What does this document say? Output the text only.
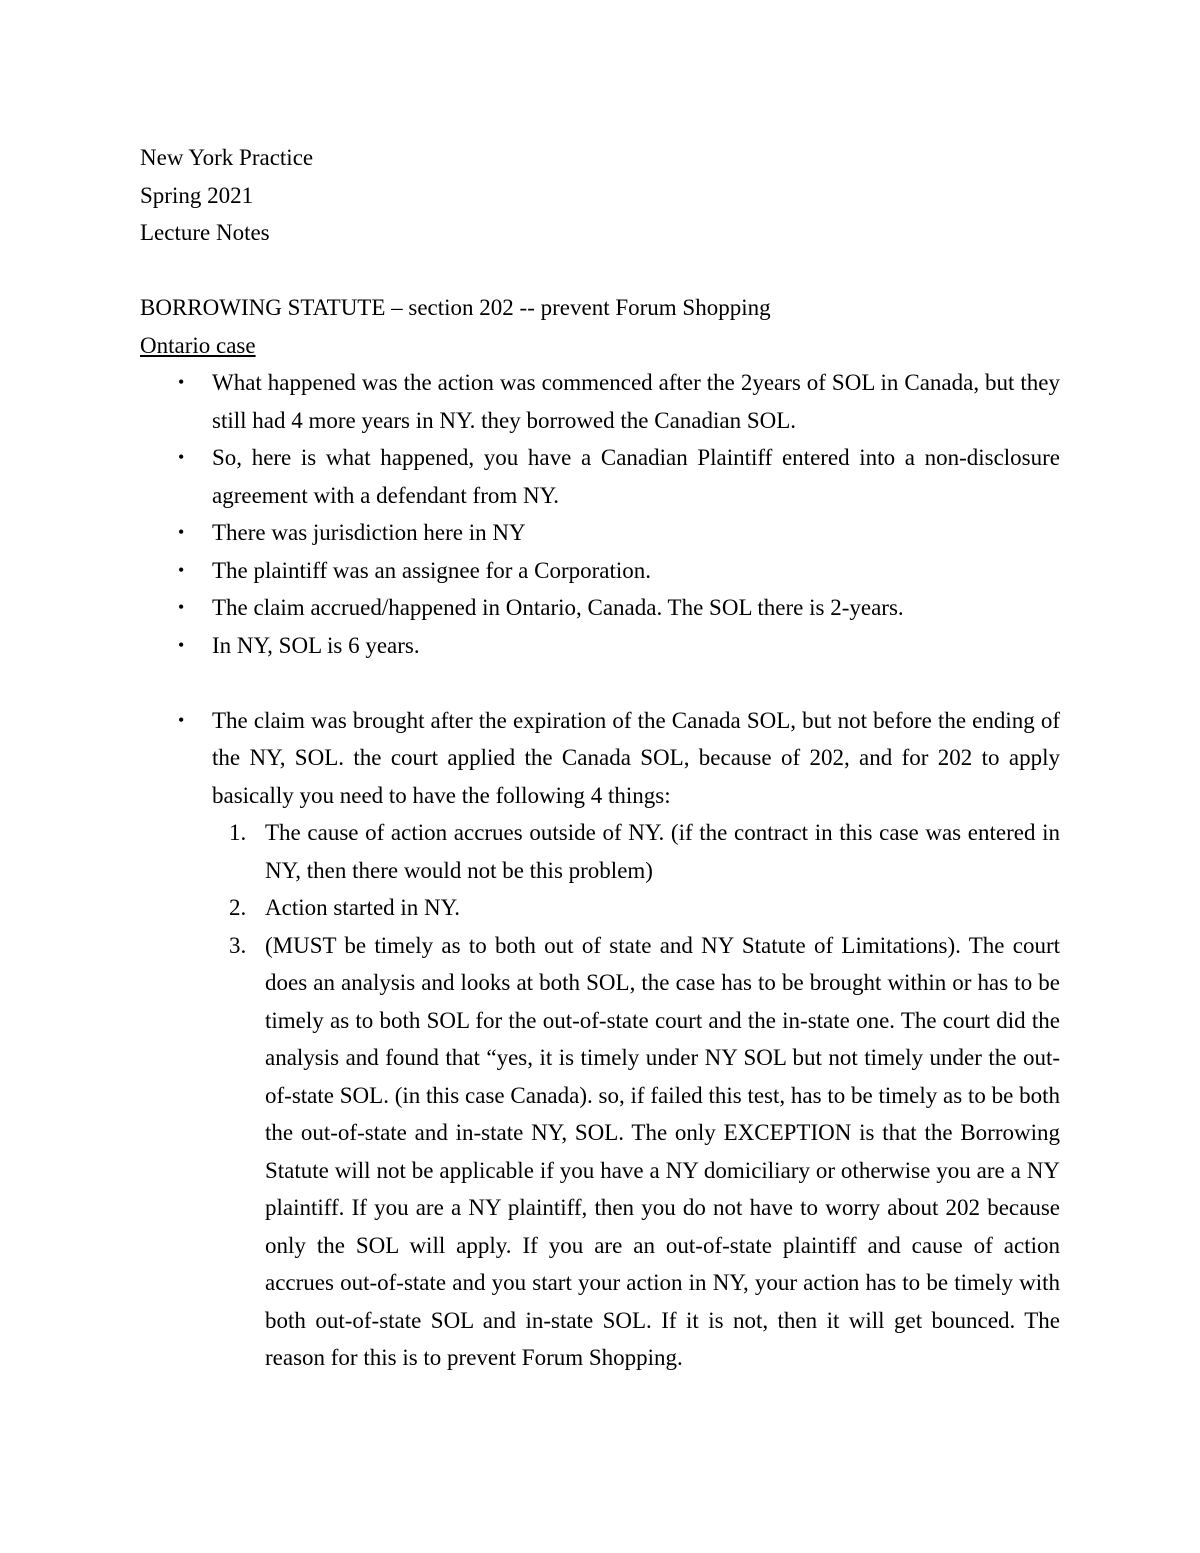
New York Practice
Spring 2021
Lecture Notes
BORROWING STATUTE – section 202 -- prevent Forum Shopping
Ontario case
• What happened was the action was commenced after the 2years of SOL in Canada, but they still had 4 more years in NY. they borrowed the Canadian SOL.
• So, here is what happened, you have a Canadian Plaintiff entered into a non-disclosure agreement with a defendant from NY.
• There was jurisdiction here in NY
• The plaintiff was an assignee for a Corporation.
• The claim accrued/happened in Ontario, Canada. The SOL there is 2-years.
• In NY, SOL is 6 years.
• The claim was brought after the expiration of the Canada SOL, but not before the ending of the NY, SOL. the court applied the Canada SOL, because of 202, and for 202 to apply basically you need to have the following 4 things:
1. The cause of action accrues outside of NY. (if the contract in this case was entered in NY, then there would not be this problem)
2. Action started in NY.
3. (MUST be timely as to both out of state and NY Statute of Limitations). The court does an analysis and looks at both SOL, the case has to be brought within or has to be timely as to both SOL for the out-of-state court and the in-state one. The court did the analysis and found that “yes, it is timely under NY SOL but not timely under the out-of-state SOL. (in this case Canada). so, if failed this test, has to be timely as to be both the out-of-state and in-state NY, SOL. The only EXCEPTION is that the Borrowing Statute will not be applicable if you have a NY domiciliary or otherwise you are a NY plaintiff. If you are a NY plaintiff, then you do not have to worry about 202 because only the SOL will apply. If you are an out-of-state plaintiff and cause of action accrues out-of-state and you start your action in NY, your action has to be timely with both out-of-state SOL and in-state SOL. If it is not, then it will get bounced. The reason for this is to prevent Forum Shopping.
